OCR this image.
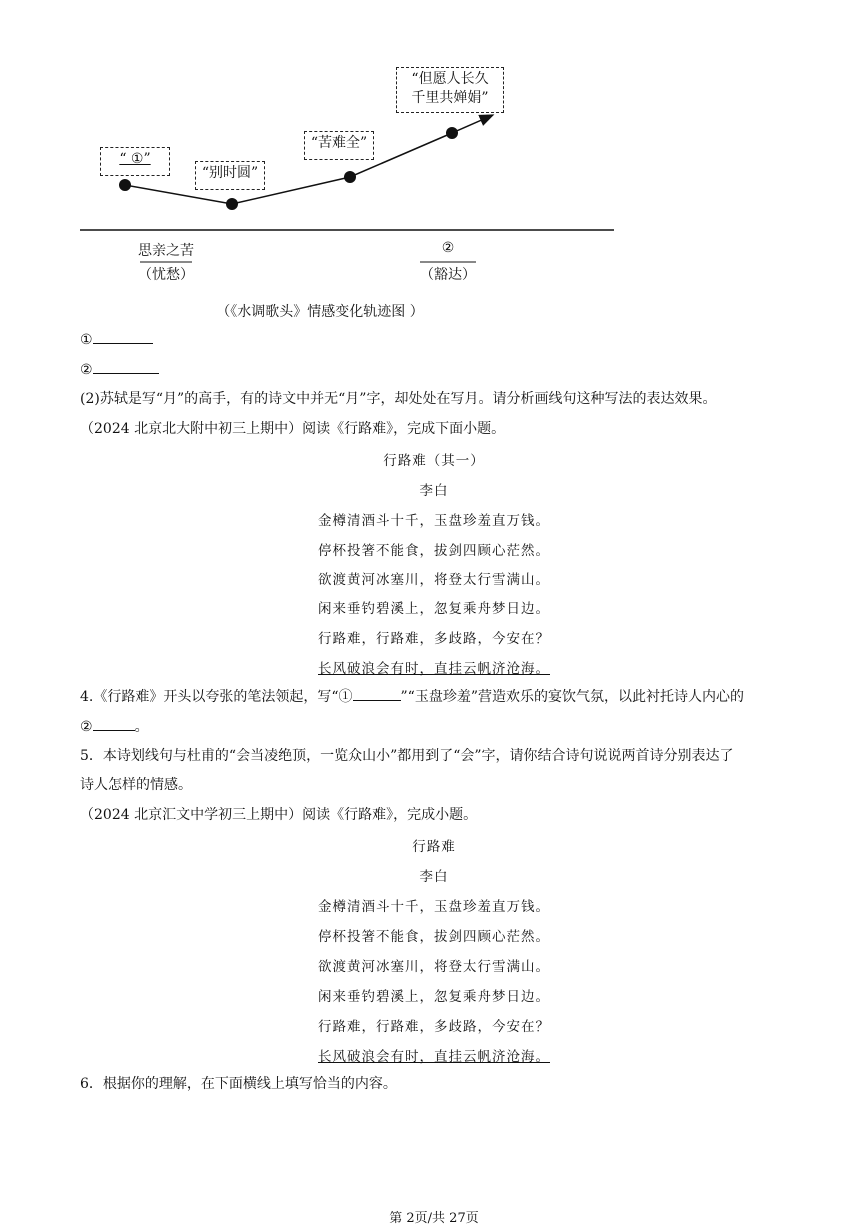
“ ①”
“别时圆”
“苦难全”
“但愿人长久
千里共婵娟”
思亲之苦
（忧愁）
②
（豁达）
（《水调歌头》情感变化轨迹图 ）
①
②
(2)苏轼是写“月”的高手，有的诗文中并无“月”字，却处处在写月。请分析画线句这种写法的表达效果。
（2024 北京北大附中初三上期中）阅读《行路难》，完成下面小题。
行路难（其一）
李白
金樽清酒斗十千，玉盘珍羞直万钱。
停杯投箸不能食，拔剑四顾心茫然。
欲渡黄河冰塞川，将登太行雪满山。
闲来垂钓碧溪上，忽复乘舟梦日边。
行路难，行路难，多歧路，今安在？
长风破浪会有时，直挂云帆济沧海。
4.《行路难》开头以夸张的笔法领起，写“①	”“玉盘珍羞”营造欢乐的宴饮气氛，以此衬托诗人内心的
②	。
5．本诗划线句与杜甫的“会当凌绝顶，一览众山小”都用到了“会”字，请你结合诗句说说两首诗分别表达了
诗人怎样的情感。
（2024 北京汇文中学初三上期中）阅读《行路难》，完成小题。
行路难
李白
金樽清酒斗十千，玉盘珍羞直万钱。
停杯投箸不能食，拔剑四顾心茫然。
欲渡黄河冰塞川，将登太行雪满山。
闲来垂钓碧溪上，忽复乘舟梦日边。
行路难，行路难，多歧路，今安在？
长风破浪会有时，直挂云帆济沧海。
6．根据你的理解，在下面横线上填写恰当的内容。
第 2页/共 27页
